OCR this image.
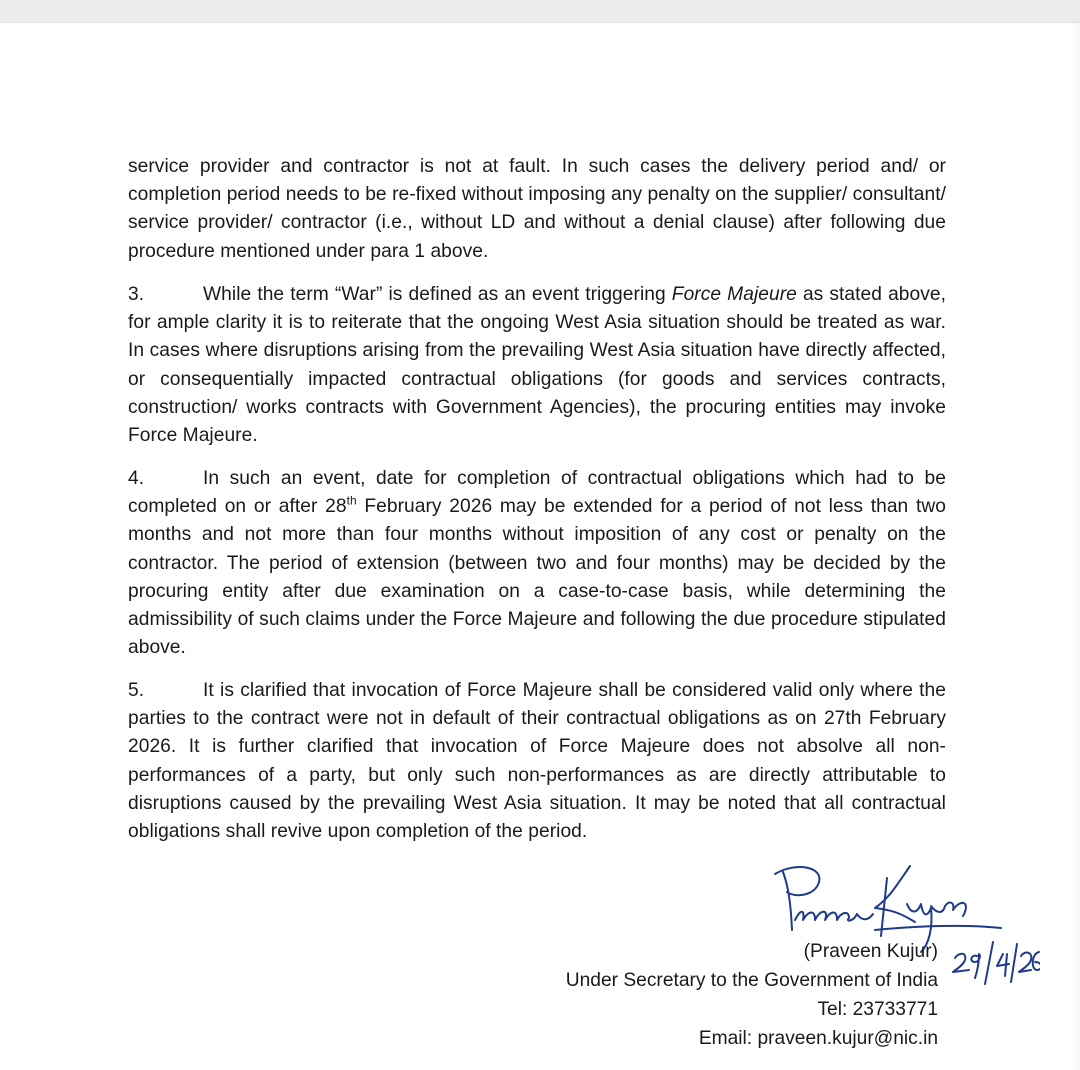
service provider and contractor is not at fault. In such cases the delivery period and/ or completion period needs to be re-fixed without imposing any penalty on the supplier/ consultant/ service provider/ contractor (i.e., without LD and without a denial clause) after following due procedure mentioned under para 1 above.

3.	While the term “War” is defined as an event triggering Force Majeure as stated above, for ample clarity it is to reiterate that the ongoing West Asia situation should be treated as war. In cases where disruptions arising from the prevailing West Asia situation have directly affected, or consequentially impacted contractual obligations (for goods and services contracts, construction/ works contracts with Government Agencies), the procuring entities may invoke Force Majeure.

4.	In such an event, date for completion of contractual obligations which had to be completed on or after 28th February 2026 may be extended for a period of not less than two months and not more than four months without imposition of any cost or penalty on the contractor. The period of extension (between two and four months) may be decided by the procuring entity after due examination on a case-to-case basis, while determining the admissibility of such claims under the Force Majeure and following the due procedure stipulated above.

5.	It is clarified that invocation of Force Majeure shall be considered valid only where the parties to the contract were not in default of their contractual obligations as on 27th February 2026. It is further clarified that invocation of Force Majeure does not absolve all non-performances of a party, but only such non-performances as are directly attributable to disruptions caused by the prevailing West Asia situation. It may be noted that all contractual obligations shall revive upon completion of the period.

(Praveen Kujur)
Under Secretary to the Government of India
Tel: 23733771
Email: praveen.kujur@nic.in
